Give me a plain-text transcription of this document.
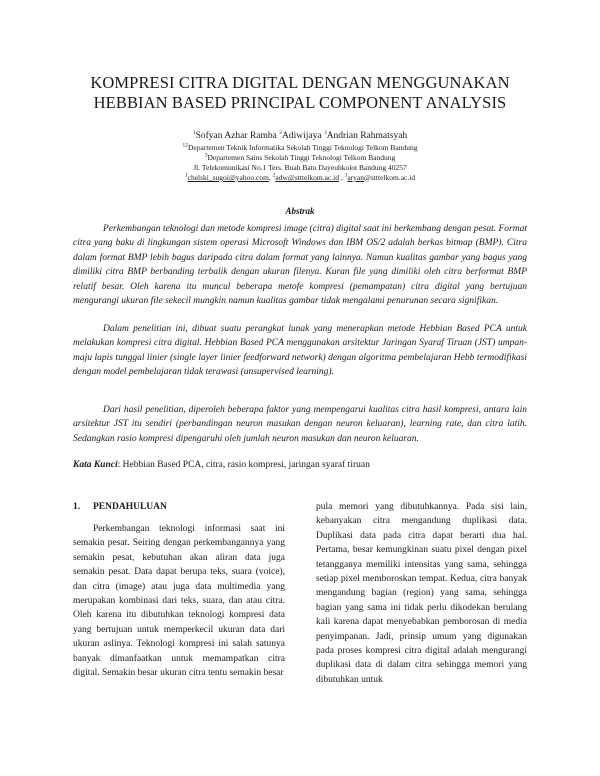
KOMPRESI CITRA DIGITAL DENGAN MENGGUNAKAN
HEBBIAN BASED PRINCIPAL COMPONENT ANALYSIS
$^1$Sofyan Azhar Ramba $^2$Adiwijaya $^3$Andrian Rahmatsyah
$^{12}$Departemen Teknik Informatika Sekolah Tinggi Teknologi Telkom Bandung
$^3$Departemen Sains Sekolah Tinggi Teknologi Telkom Bandung
Jl. Telekomunikasi No.1 Ters. Buah Batu Dayeuhkolot Bandung 40257
$^1$chelski_sugoi@yahoo.com, $^2$adw@stttelkom.ac.id , $^3$aryan@stttelkom.ac.id
Abstrak

Perkembangan teknologi dan metode kompresi image (citra) digital saat ini berkembang dengan pesat. Format citra yang baku di lingkungan sistem operasi Microsoft Windows dan IBM OS/2 adalah berkas bitmap (BMP). Citra dalam format BMP lebih bagus daripada citra dalam format yang lainnya. Namun kualitas gambar yang bagus yang dimiliki citra BMP berbanding terbalik dengan ukuran filenya. Kuran file yang dimiliki oleh citra berformat BMP relatif besar. Oleh karena itu muncul beberapa metofe kompresi (pemampatan) citra digital yang bertujuan mengurangi ukuran file sekecil mungkin namun kualitas gambar tidak mengalami penurunan secara signifikan.

Dalam penelitian ini, dibuat suatu perangkat lunak yang menerapkan metode Hebbian Based PCA untuk melakukan kompresi citra digital. Hebbian Based PCA menggunakan arsitektur Jaringan Syaraf Tiruan (JST) umpan-maju lapis tunggal linier (single layer linier feedforward network) dengan algoritma pembelajaran Hebb termodifikasi dengan model pembelajaran tidak terawasi (unsupervised learning).

Dari hasil penelitian, diperoleh beberapa faktor yang mempengarui kualitas citra hasil kompresi, antara lain arsitektur JST itu sendiri (perbandingan neuron masukan dengan neuron keluaran), learning rate, dan citra latih. Sedangkan rasio kompresi dipengaruhi oleh jumlah neuron masukan dan neuron keluaran.

Kata Kunci: Hebbian Based PCA, citra, rasio kompresi, jaringan syaraf tiruan
1. PENDAHULUAN

Perkembangan teknologi informasi saat ini semakin pesat. Seiring dengan perkembangannya yang semakin pesat, kebutuhan akan aliran data juga semakin pesat. Data dapat berupa teks, suara (voice), dan citra (image) atau juga data multimedia yang merupakan kombinasi dari teks, suara, dan atau citra. Oleh karena itu dibutuhkan teknologi kompresi data yang bertujuan untuk memperkecil ukuran data dari ukuran aslinya. Teknologi kompresi ini salah satunya banyak dimanfaatkan untuk memampatkan citra digital. Semakin besar ukuran citra tentu semakin besar

pula memori yang dibutuhkannya. Pada sisi lain, kebanyakan citra mengandung duplikasi data. Duplikasi data pada citra dapat berarti dua hal. Pertama, besar kemungkinan suatu pixel dengan pixel tetangganya memiliki intensitas yang sama, sehingga setiap pixel memboroskan tempat. Kedua, citra banyak mengandung bagian (region) yang sama, sehingga bagian yang sama ini tidak perlu dikodekan berulang kali karena dapat menyebabkan pemborosan di media penyimpanan. Jadi, prinsip umum yang digunakan pada proses kompresi citra digital adalah mengurangi duplikasi data di dalam citra sehingga memori yang dibutuhkan untuk
